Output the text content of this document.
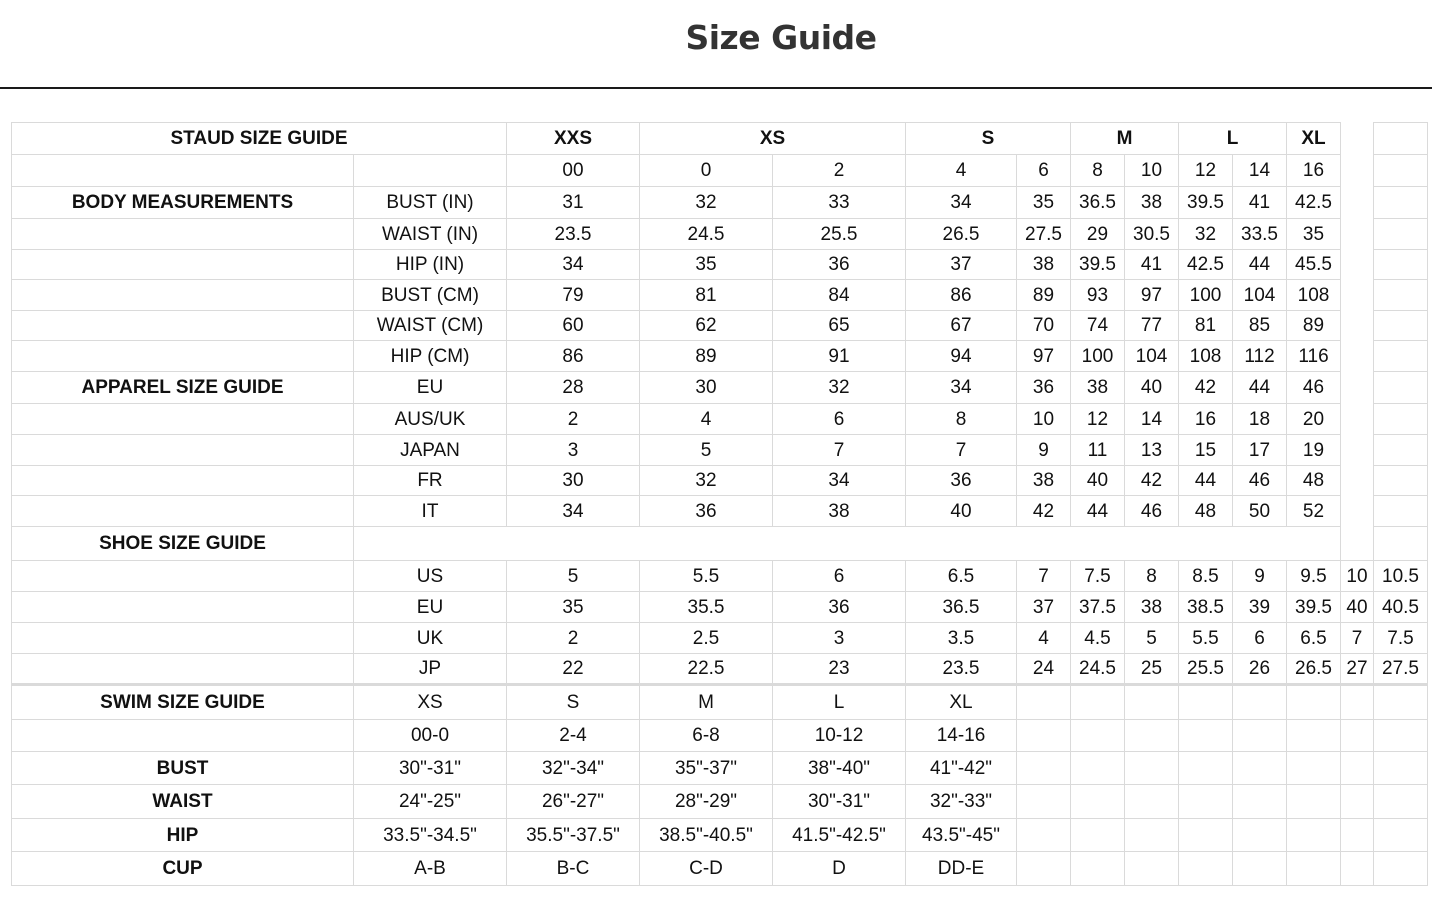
Size Guide
STAUD SIZE GUIDE		XXS	XS		S		M		L		XL		
		00	0	2	4	6	8	10	12	14	16		
BODY MEASUREMENTS	BUST (IN)	31	32	33	34	35	36.5	38	39.5	41	42.5		
	WAIST (IN)	23.5	24.5	25.5	26.5	27.5	29	30.5	32	33.5	35		
	HIP (IN)	34	35	36	37	38	39.5	41	42.5	44	45.5		
	BUST (CM)	79	81	84	86	89	93	97	100	104	108		
	WAIST (CM)	60	62	65	67	70	74	77	81	85	89		
	HIP (CM)	86	89	91	94	97	100	104	108	112	116		
APPAREL SIZE GUIDE	EU	28	30	32	34	36	38	40	42	44	46		
	AUS/UK	2	4	6	8	10	12	14	16	18	20		
	JAPAN	3	5	7	7	9	11	13	15	17	19		
	FR	30	32	34	36	38	40	42	44	46	48		
	IT	34	36	38	40	42	44	46	48	50	52		
SHOE SIZE GUIDE													
	US	5	5.5	6	6.5	7	7.5	8	8.5	9	9.5	10	10.5
	EU	35	35.5	36	36.5	37	37.5	38	38.5	39	39.5	40	40.5
	UK	2	2.5	3	3.5	4	4.5	5	5.5	6	6.5	7	7.5
	JP	22	22.5	23	23.5	24	24.5	25	25.5	26	26.5	27	27.5
SWIM SIZE GUIDE	XS	S	M	L	XL								
	00-0	2-4	6-8	10-12	14-16								
BUST	30"-31"	32"-34"	35"-37"	38"-40"	41"-42"								
WAIST	24"-25"	26"-27"	28"-29"	30"-31"	32"-33"								
HIP	33.5"-34.5"	35.5"-37.5"	38.5"-40.5"	41.5"-42.5"	43.5"-45"								
CUP	A-B	B-C	C-D	D	DD-E								
